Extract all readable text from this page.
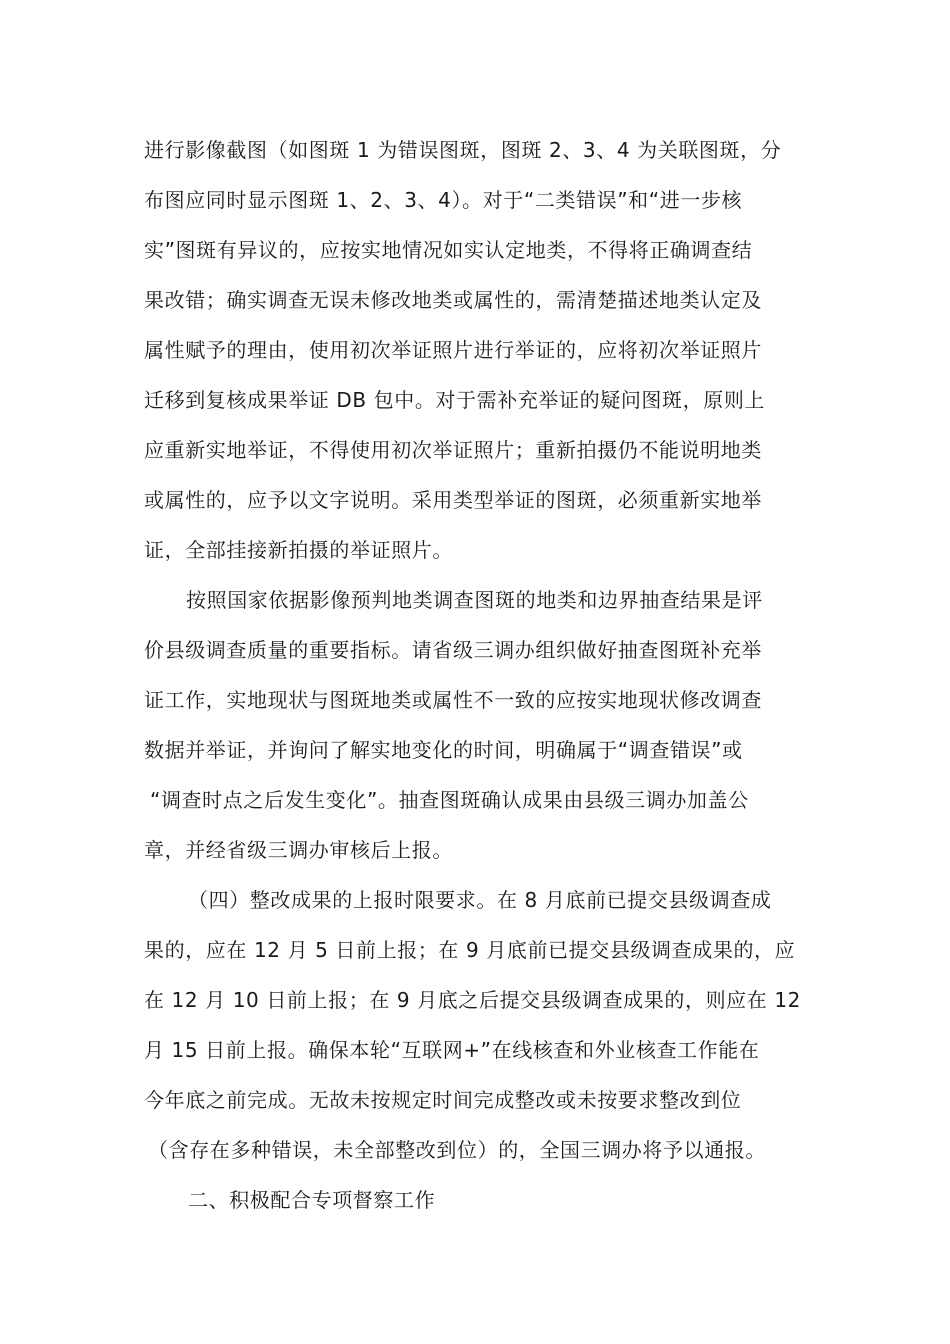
进行影像截图（如图斑 1 为错误图斑，图斑 2、3、4 为关联图斑，分
布图应同时显示图斑 1、2、3、4）。对于“二类错误”和“进一步核
实”图斑有异议的，应按实地情况如实认定地类，不得将正确调查结
果改错；确实调查无误未修改地类或属性的，需清楚描述地类认定及
属性赋予的理由，使用初次举证照片进行举证的，应将初次举证照片
迁移到复核成果举证 DB 包中。对于需补充举证的疑问图斑，原则上
应重新实地举证，不得使用初次举证照片；重新拍摄仍不能说明地类
或属性的，应予以文字说明。采用类型举证的图斑，必须重新实地举
证，全部挂接新拍摄的举证照片。
按照国家依据影像预判地类调查图斑的地类和边界抽查结果是评
价县级调查质量的重要指标。请省级三调办组织做好抽查图斑补充举
证工作，实地现状与图斑地类或属性不一致的应按实地现状修改调查
数据并举证，并询问了解实地变化的时间，明确属于“调查错误”或
“调查时点之后发生变化”。抽查图斑确认成果由县级三调办加盖公
章，并经省级三调办审核后上报。
（四）整改成果的上报时限要求。在 8 月底前已提交县级调查成
果的，应在 12 月 5 日前上报；在 9 月底前已提交县级调查成果的，应
在 12 月 10 日前上报；在 9 月底之后提交县级调查成果的，则应在 12
月 15 日前上报。确保本轮“互联网+”在线核查和外业核查工作能在
今年底之前完成。无故未按规定时间完成整改或未按要求整改到位
（含存在多种错误，未全部整改到位）的，全国三调办将予以通报。
二、积极配合专项督察工作
